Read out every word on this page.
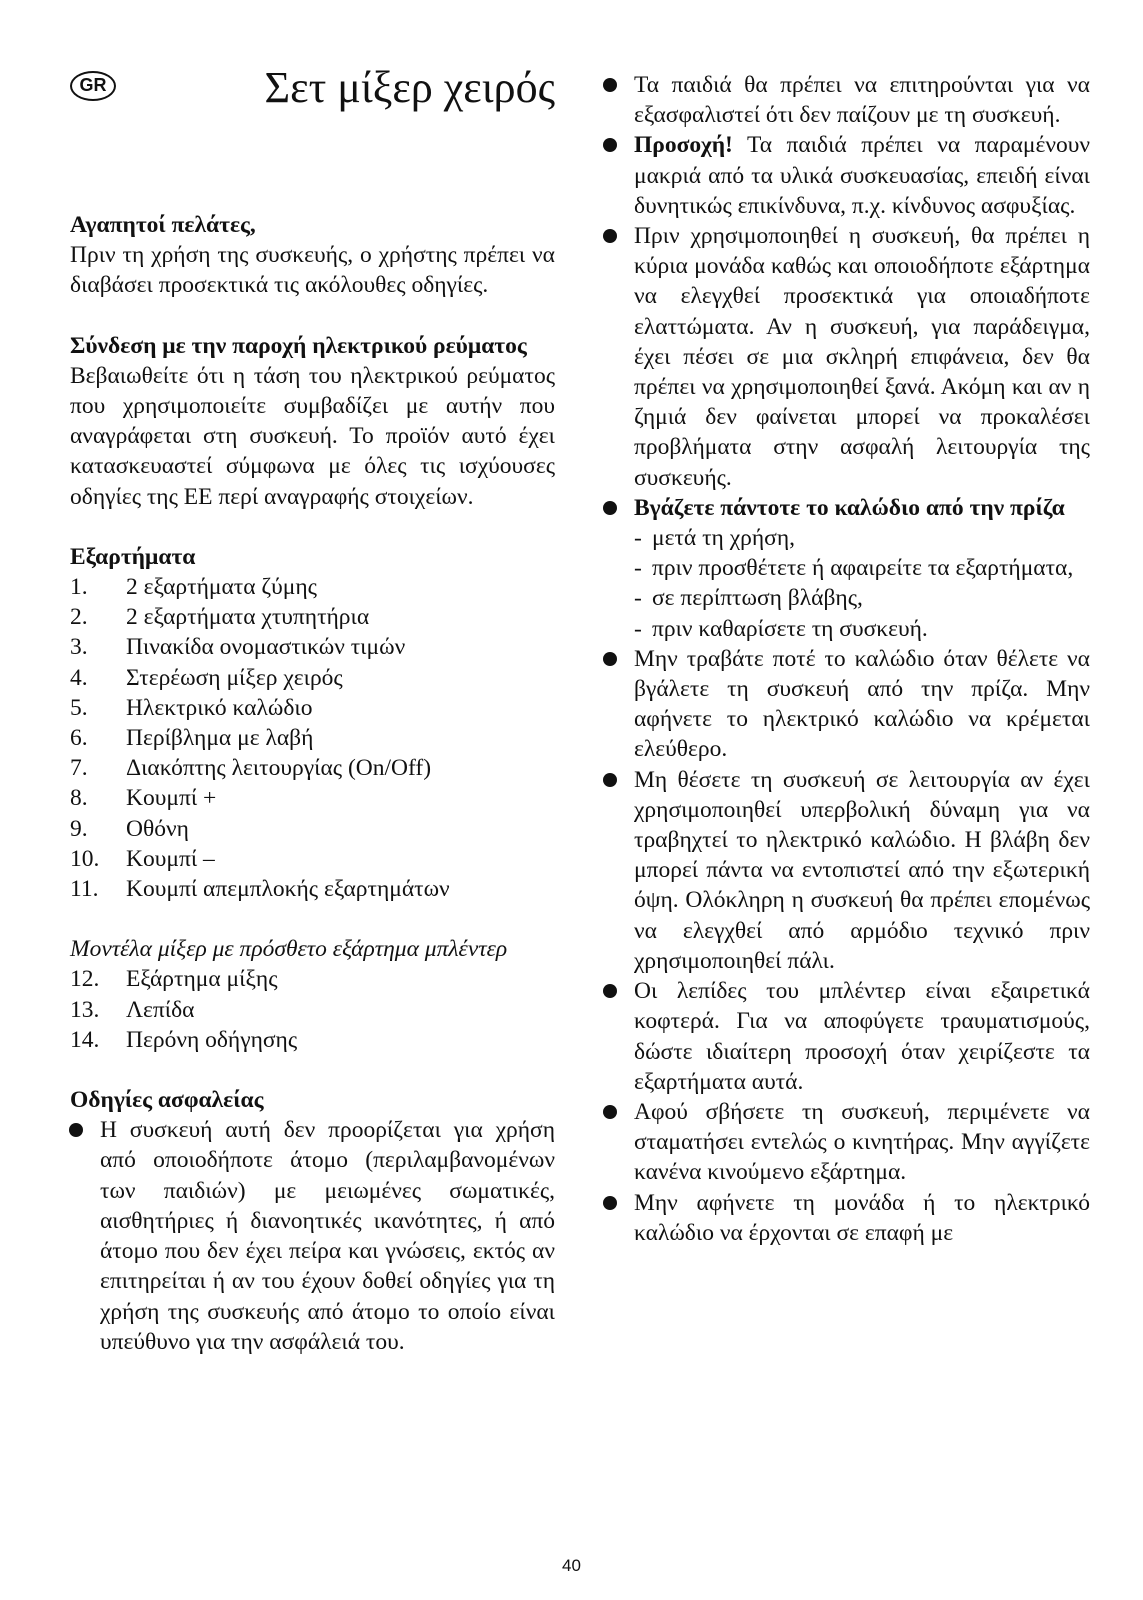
GR	Σετ μίξερ χειρός
Αγαπητοί πελάτες,
Πριν τη χρήση της συσκευής, ο χρήστης πρέπει να διαβάσει προσεκτικά τις ακόλουθες οδηγίες.
Σύνδεση με την παροχή ηλεκτρικού ρεύματος
Βεβαιωθείτε ότι η τάση του ηλεκτρικού ρεύματος που χρησιμοποιείτε συμβαδίζει με αυτήν που αναγράφεται στη συσκευή. Το προϊόν αυτό έχει κατασκευαστεί σύμφωνα με όλες τις ισχύουσες οδηγίες της ΕΕ περί αναγραφής στοιχείων.
Εξαρτήματα
1.	2 εξαρτήματα ζύμης
2.	2 εξαρτήματα χτυπητήρια
3.	Πινακίδα ονομαστικών τιμών
4.	Στερέωση μίξερ χειρός
5.	Ηλεκτρικό καλώδιο
6.	Περίβλημα με λαβή
7.	Διακόπτης λειτουργίας (On/Off)
8.	Κουμπί +
9.	Οθόνη
10.	Κουμπί –
11.	Κουμπί απεμπλοκής εξαρτημάτων
Μοντέλα μίξερ με πρόσθετο εξάρτημα μπλέντερ
12.	Εξάρτημα μίξης
13.	Λεπίδα
14.	Περόνη οδήγησης
Οδηγίες ασφαλείας
Η συσκευή αυτή δεν προορίζεται για χρήση από οποιοδήποτε άτομο (περιλαμβανομένων των παιδιών) με μειωμένες σωματικές, αισθητήριες ή διανοητικές ικανότητες, ή από άτομο που δεν έχει πείρα και γνώσεις, εκτός αν επιτηρείται ή αν του έχουν δοθεί οδηγίες για τη χρήση της συσκευής από άτομο το οποίο είναι υπεύθυνο για την ασφάλειά του.
Τα παιδιά θα πρέπει να επιτηρούνται για να εξασφαλιστεί ότι δεν παίζουν με τη συσκευή.
Προσοχή! Τα παιδιά πρέπει να παραμένουν μακριά από τα υλικά συσκευασίας, επειδή είναι δυνητικώς επικίνδυνα, π.χ. κίνδυνος ασφυξίας.
Πριν χρησιμοποιηθεί η συσκευή, θα πρέπει η κύρια μονάδα καθώς και οποιοδήποτε εξάρτημα να ελεγχθεί προσεκτικά για οποιαδήποτε ελαττώματα. Αν η συσκευή, για παράδειγμα, έχει πέσει σε μια σκληρή επιφάνεια, δεν θα πρέπει να χρησιμοποιηθεί ξανά. Ακόμη και αν η ζημιά δεν φαίνεται μπορεί να προκαλέσει προβλήματα στην ασφαλή λειτουργία της συσκευής.
Βγάζετε πάντοτε το καλώδιο από την πρίζα
- μετά τη χρήση,
- πριν προσθέτετε ή αφαιρείτε τα εξαρτήματα,
- σε περίπτωση βλάβης,
- πριν καθαρίσετε τη συσκευή.
Μην τραβάτε ποτέ το καλώδιο όταν θέλετε να βγάλετε τη συσκευή από την πρίζα. Μην αφήνετε το ηλεκτρικό καλώδιο να κρέμεται ελεύθερο.
Μη θέσετε τη συσκευή σε λειτουργία αν έχει χρησιμοποιηθεί υπερβολική δύναμη για να τραβηχτεί το ηλεκτρικό καλώδιο. Η βλάβη δεν μπορεί πάντα να εντοπιστεί από την εξωτερική όψη. Ολόκληρη η συσκευή θα πρέπει επομένως να ελεγχθεί από αρμόδιο τεχνικό πριν χρησιμοποιηθεί πάλι.
Οι λεπίδες του μπλέντερ είναι εξαιρετικά κοφτερά. Για να αποφύγετε τραυματισμούς, δώστε ιδιαίτερη προσοχή όταν χειρίζεστε τα εξαρτήματα αυτά.
Αφού σβήσετε τη συσκευή, περιμένετε να σταματήσει εντελώς ο κινητήρας. Μην αγγίζετε κανένα κινούμενο εξάρτημα.
Μην αφήνετε τη μονάδα ή το ηλεκτρικό καλώδιο να έρχονται σε επαφή με
40
